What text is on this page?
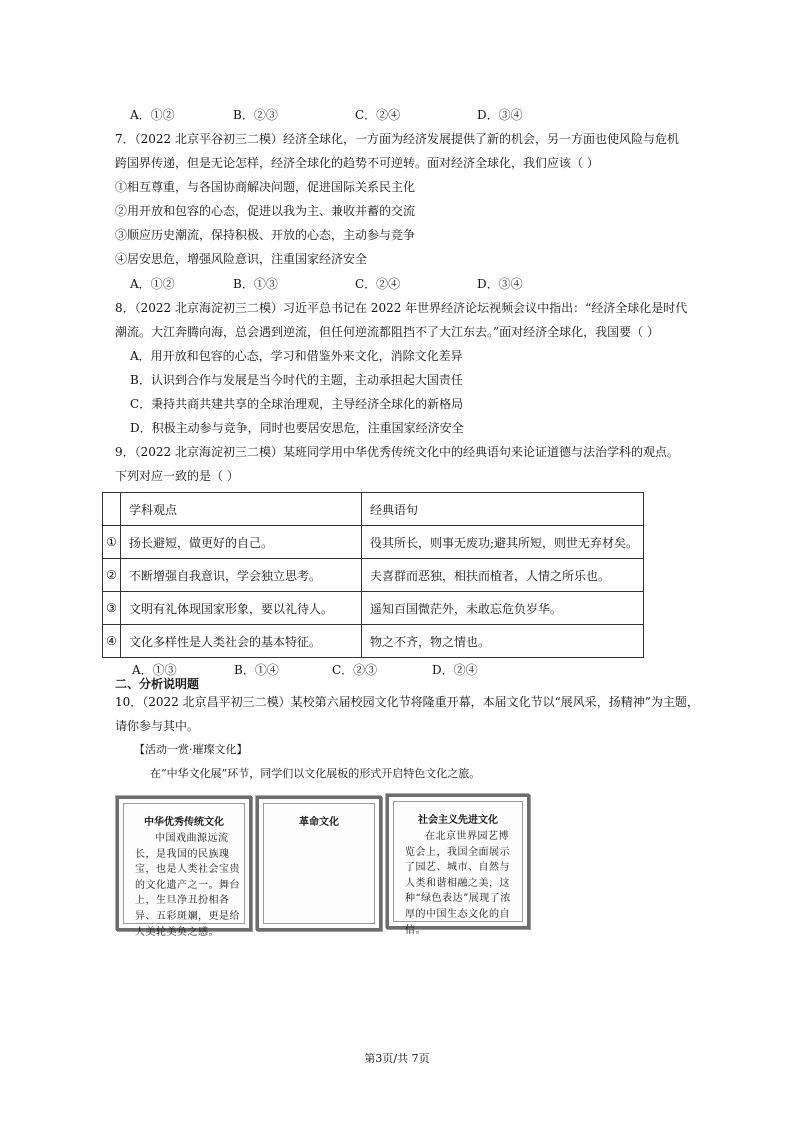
A．①②	B．②③	C．②④	D．③④
7．（2022 北京平谷初三二模）经济全球化，一方面为经济发展提供了新的机会，另一方面也使风险与危机
跨国界传递，但是无论怎样，经济全球化的趋势不可逆转。面对经济全球化，我们应该（ ）
①相互尊重，与各国协商解决问题，促进国际关系民主化
②用开放和包容的心态，促进以我为主、兼收并蓄的交流
③顺应历史潮流，保持积极、开放的心态，主动参与竞争
④居安思危，增强风险意识，注重国家经济安全
A．①②	B．①③	C．②④	D．③④
8．（2022 北京海淀初三二模）习近平总书记在 2022 年世界经济论坛视频会议中指出：“经济全球化是时代
潮流。大江奔腾向海，总会遇到逆流，但任何逆流都阻挡不了大江东去。”面对经济全球化，我国要（ ）
A．用开放和包容的心态，学习和借鉴外来文化，消除文化差异
B．认识到合作与发展是当今时代的主题，主动承担起大国责任
C．秉持共商共建共享的全球治理观，主导经济全球化的新格局
D．积极主动参与竞争，同时也要居安思危，注重国家经济安全
9．（2022 北京海淀初三二模）某班同学用中华优秀传统文化中的经典语句来论证道德与法治学科的观点。
下列对应一致的是（ ）
	学科观点	经典语句
①	扬长避短，做更好的自己。	役其所长，则事无废功;避其所短，则世无弃材矣。
②	不断增强自我意识，学会独立思考。	夫喜群而恶独，相扶而植者，人情之所乐也。
③	文明有礼体现国家形象，要以礼待人。	遥知百国微茫外，未敢忘危负岁华。
④	文化多样性是人类社会的基本特征。	物之不齐，物之情也。
A．①③	B．①④	C．②③	D．②④
二、分析说明题
10．（2022 北京昌平初三二模）某校第六届校园文化节将隆重开幕，本届文化节以“展风采，扬精神”为主题，
请你参与其中。
【活动一赏·璀璨文化】
在“中华文化展”环节，同学们以文化展板的形式开启特色文化之旅。
中华优秀传统文化
中国戏曲源远流长，是我国的民族瑰宝，也是人类社会宝贵的文化遗产之一。舞台上，生旦净丑扮相各异、五彩斑斓，更是给人美轮美奂之感。
革命文化	社会主义先进文化
在北京世界园艺博览会上，我国全面展示了园艺、城市、自然与人类和谐相融之美，这种“绿色表达”展现了浓厚的中国生态文化的自信。
第3页/共 7页
